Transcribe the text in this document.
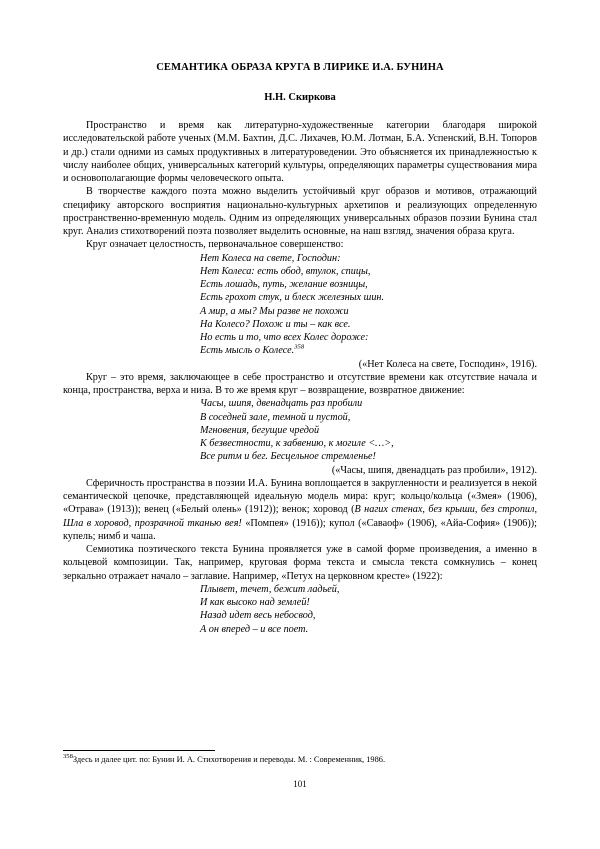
СЕМАНТИКА ОБРАЗА КРУГА В ЛИРИКЕ И.А. БУНИНА
Н.Н. Скиркова

Пространство и время как литературно-художественные категории благодаря широкой исследовательской работе ученых (М.М. Бахтин, Д.С. Лихачев, Ю.М. Лотман, Б.А. Успенский, В.Н. Топоров и др.) стали одними из самых продуктивных в литературоведении. Это объясняется их принадлежностью к числу наиболее общих, универсальных категорий культуры, определяющих параметры существования мира и основополагающие формы человеческого опыта.

В творчестве каждого поэта можно выделить устойчивый круг образов и мотивов, отражающий специфику авторского восприятия национально-культурных архетипов и реализующих определенную пространственно-временную модель. Одним из определяющих универсальных образов поэзии Бунина стал круг. Анализ стихотворений поэта позволяет выделить основные, на наш взгляд, значения образа круга.

Круг означает целостность, первоначальное совершенство:

Нет Колеса на свете, Господин:
Нет Колеса: есть обод, втулок, спицы,
Есть лошадь, путь, желание возницы,
Есть грохот стук, и блеск железных шин.
А мир, а мы? Мы разве не похожи
На Колесо? Похож и ты – как все.
Но есть и то, что всех Колес дороже:
Есть мысль о Колесе.$^{358}$

(«Нет Колеса на свете, Господин», 1916).

Круг – это время, заключающее в себе пространство и отсутствие времени как отсутствие начала и конца, пространства, верха и низа. В то же время круг – возвращение, возвратное движение:

Часы, шипя, двенадцать раз пробили
В соседней зале, темной и пустой,
Мгновения, бегущие чредой
К безвестности, к забвению, к могиле <…>,
Все ритм и бег. Бесцельное стремленье!

(«Часы, шипя, двенадцать раз пробили», 1912).

Сферичность пространства в поэзии И.А. Бунина воплощается в закругленности и реализуется в некой семантической цепочке, представляющей идеальную модель мира: круг; кольцо/кольца («Змея» (1906), «Отрава» (1913)); венец («Белый олень» (1912)); венок; хоровод (В нагих стенах, без крыши, без стропил, Шла в хоровод, прозрачной тканью вея! «Помпея» (1916)); купол («Саваоф» (1906), «Айа-София» (1906)); купель; нимб и чаша.

Семиотика поэтического текста Бунина проявляется уже в самой форме произведения, а именно в кольцевой композиции. Так, например, круговая форма текста и смысла текста сомкнулись – конец зеркально отражает начало – заглавие. Например, «Петух на церковном кресте» (1922):

Плывет, течет, бежит ладьей,
И как высоко над землей!
Назад идет весь небосвод,
А он вперед – и все поет.

$^{358}$Здесь и далее цит. по: Бунин И. А. Стихотворения и переводы. М. : Современник, 1986.

101
